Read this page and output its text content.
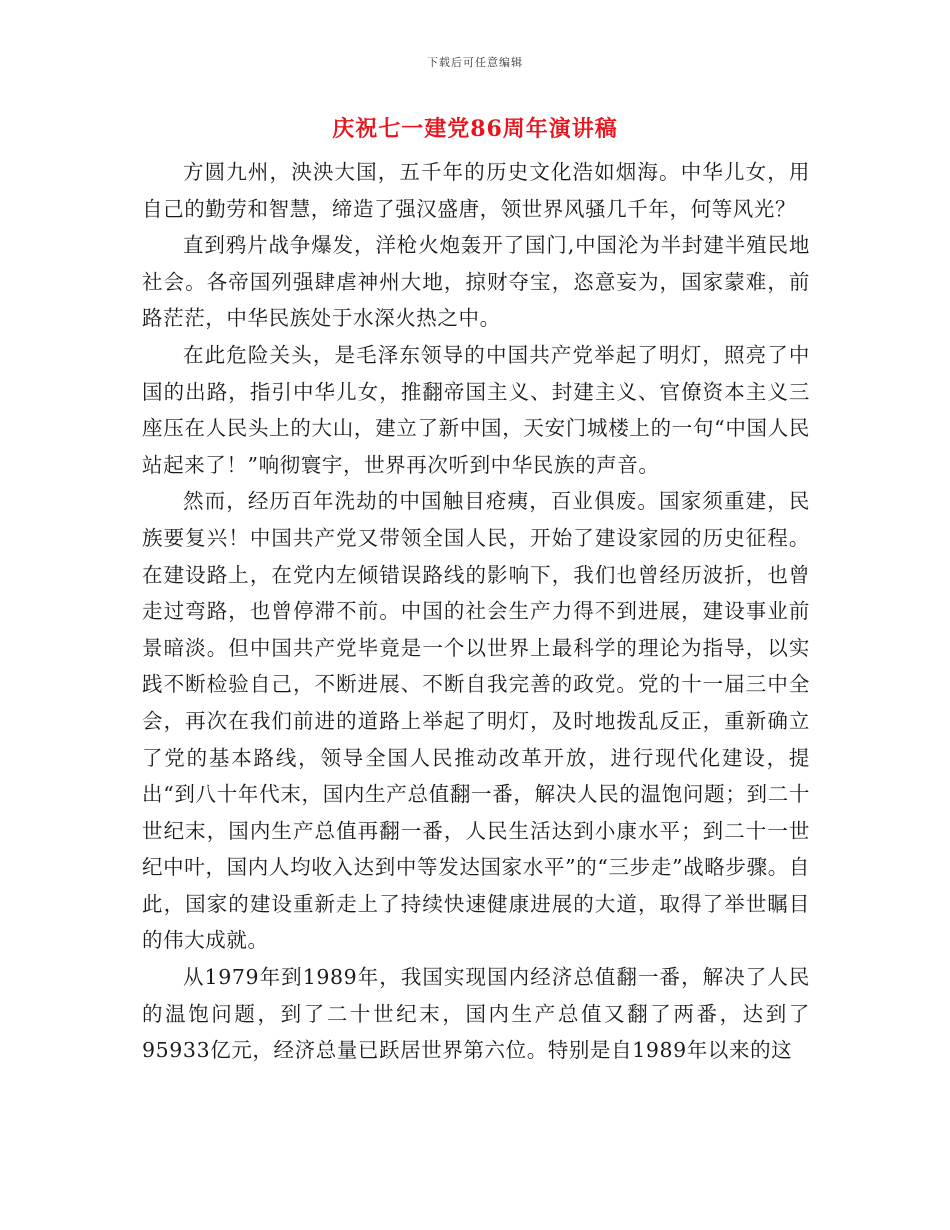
下载后可任意编辑
庆祝七一建党86周年演讲稿

方圆九州，泱泱大国，五千年的历史文化浩如烟海。中华儿女，用自己的勤劳和智慧，缔造了强汉盛唐，领世界风骚几千年，何等风光？

直到鸦片战争爆发，洋枪火炮轰开了国门,中国沦为半封建半殖民地社会。各帝国列强肆虐神州大地，掠财夺宝，恣意妄为，国家蒙难，前路茫茫，中华民族处于水深火热之中。

在此危险关头，是毛泽东领导的中国共产党举起了明灯，照亮了中国的出路，指引中华儿女，推翻帝国主义、封建主义、官僚资本主义三座压在人民头上的大山，建立了新中国，天安门城楼上的一句“中国人民站起来了！”响彻寰宇，世界再次听到中华民族的声音。

然而，经历百年洗劫的中国触目疮痍，百业俱废。国家须重建，民族要复兴！中国共产党又带领全国人民，开始了建设家园的历史征程。在建设路上，在党内左倾错误路线的影响下，我们也曾经历波折，也曾走过弯路，也曾停滞不前。中国的社会生产力得不到进展，建设事业前景暗淡。但中国共产党毕竟是一个以世界上最科学的理论为指导，以实践不断检验自己，不断进展、不断自我完善的政党。党的十一届三中全会，再次在我们前进的道路上举起了明灯，及时地拨乱反正，重新确立了党的基本路线，领导全国人民推动改革开放，进行现代化建设，提出“到八十年代末，国内生产总值翻一番，解决人民的温饱问题；到二十世纪末，国内生产总值再翻一番，人民生活达到小康水平；到二十一世纪中叶，国内人均收入达到中等发达国家水平”的“三步走”战略步骤。自此，国家的建设重新走上了持续快速健康进展的大道，取得了举世瞩目的伟大成就。

从1979年到1989年，我国实现国内经济总值翻一番，解决了人民的温饱问题，到了二十世纪末，国内生产总值又翻了两番，达到了95933亿元，经济总量已跃居世界第六位。特别是自1989年以来的这
